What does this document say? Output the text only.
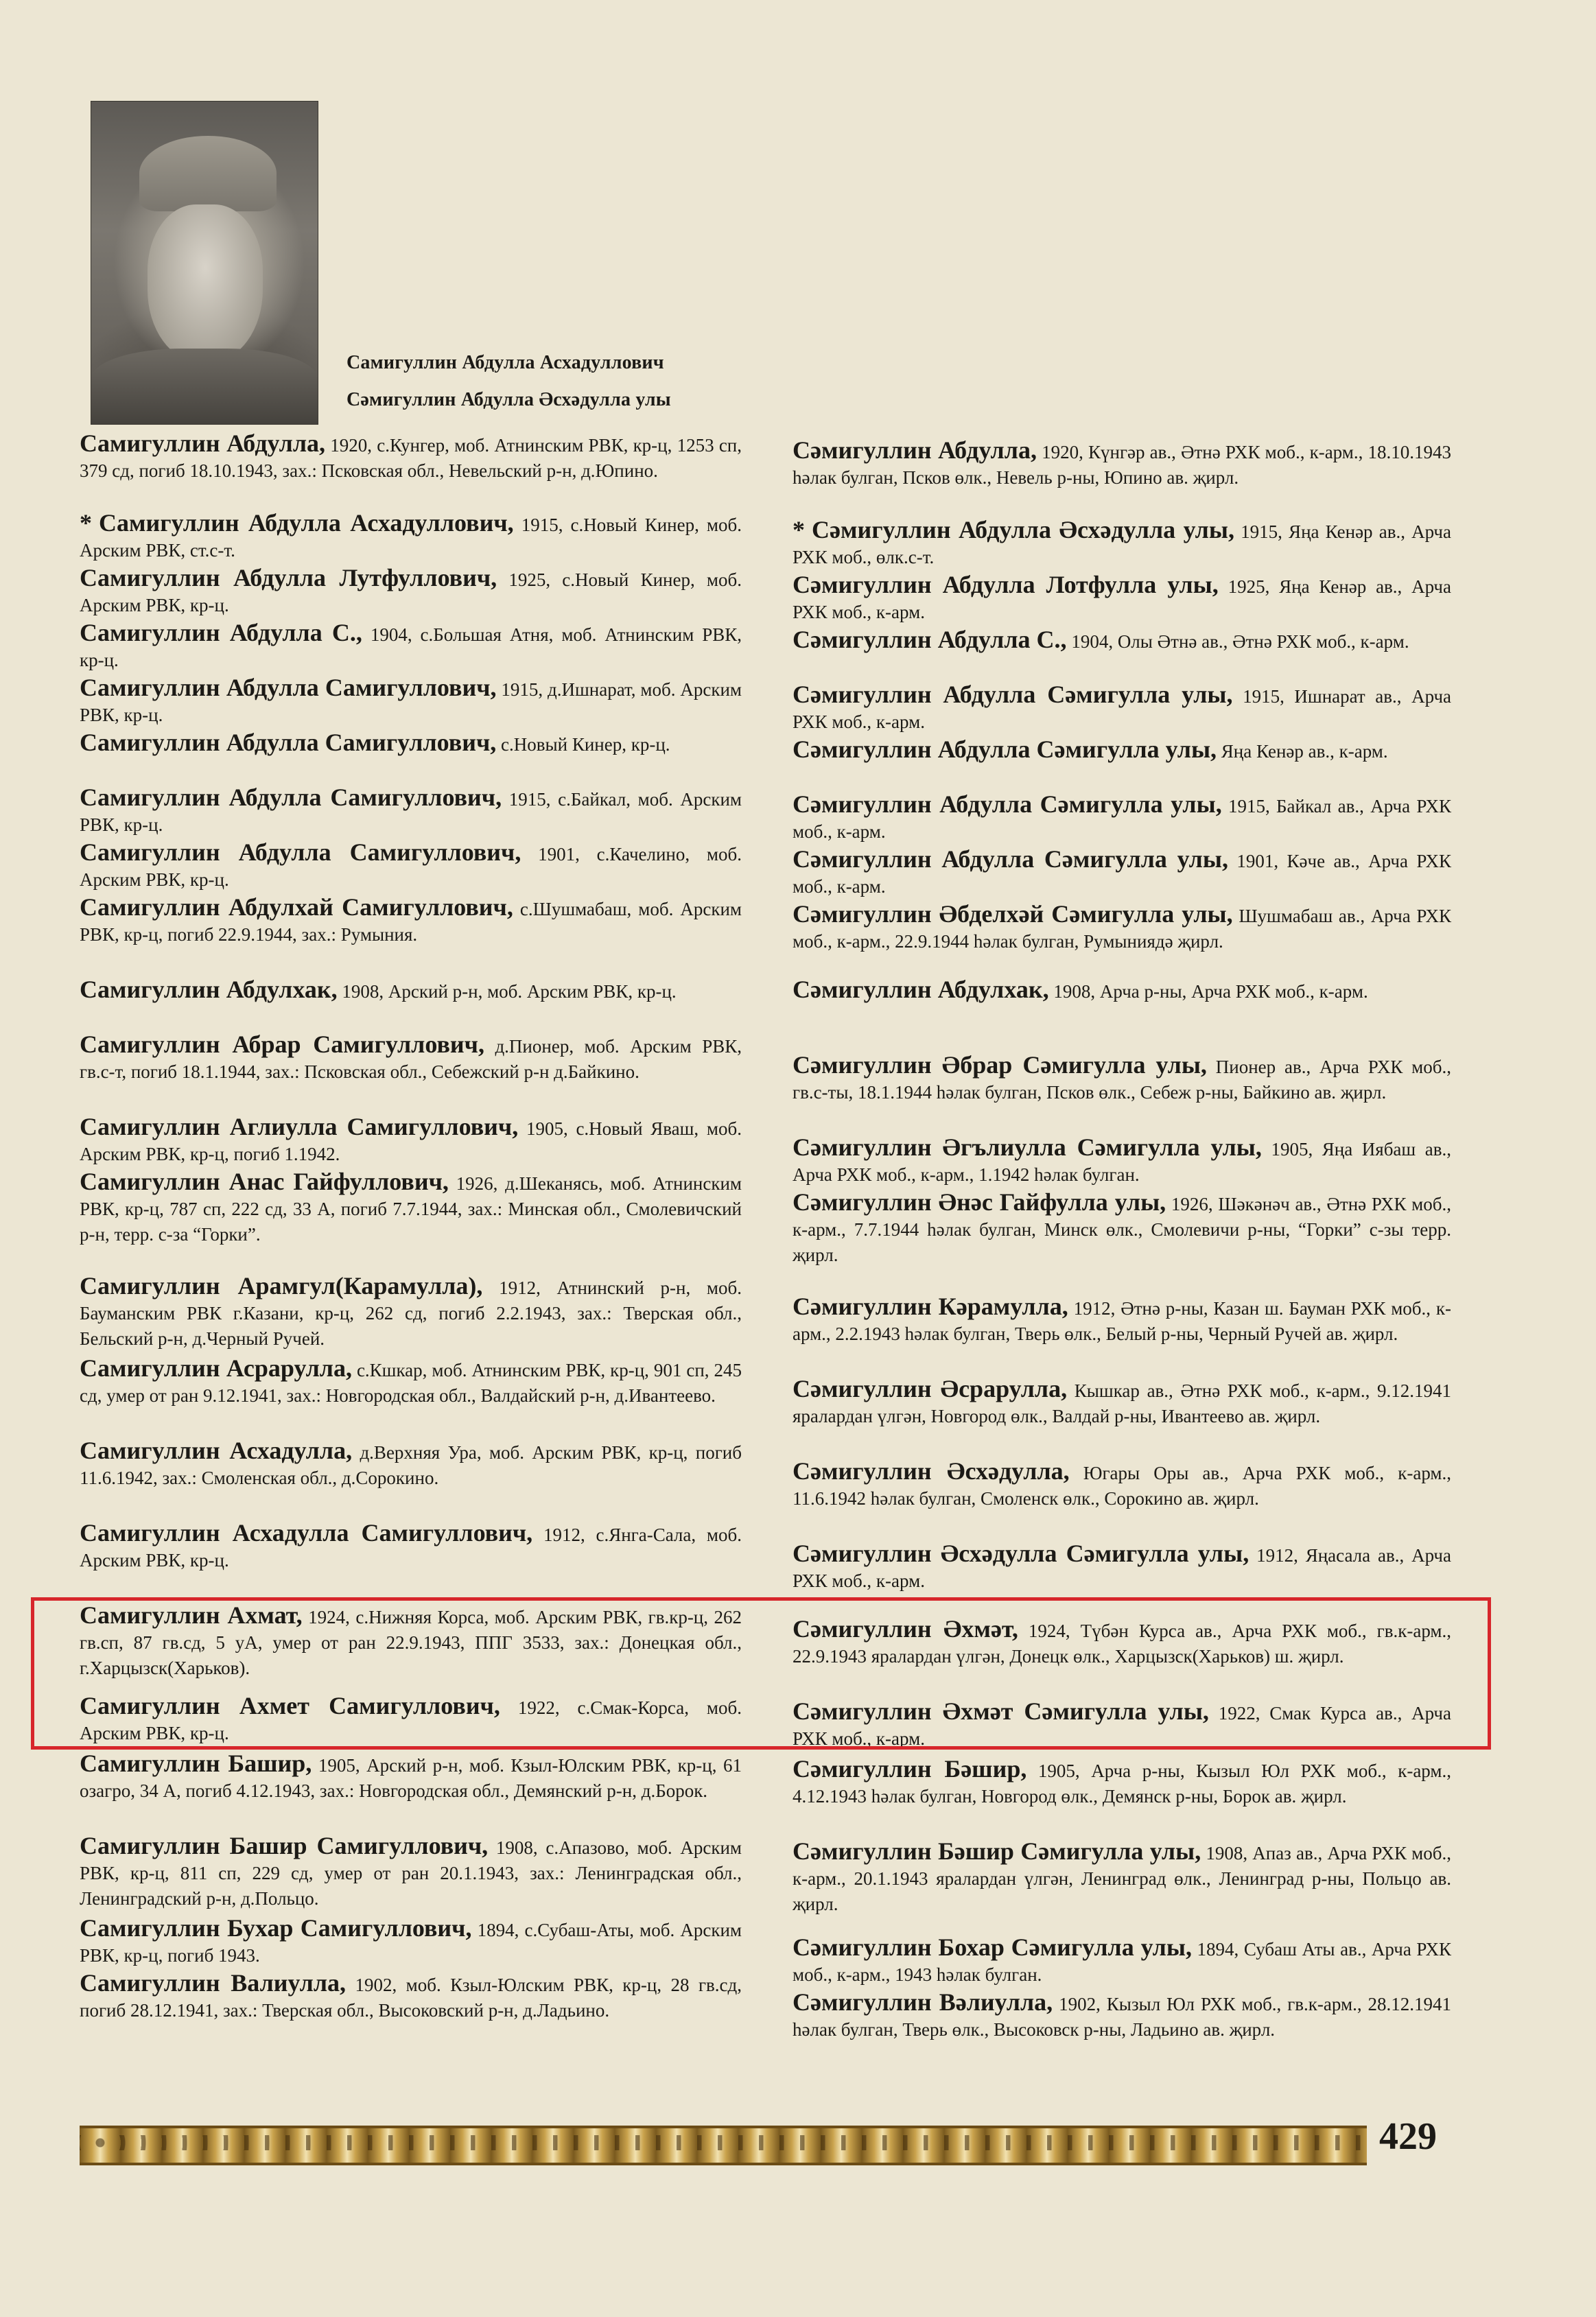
Самигуллин Абдулла Асхадуллович
Сәмигуллин Абдулла Әсхәдулла улы
Самигуллин Абдулла, 1920, с.Кунгер, моб. Атнинским РВК, кр-ц, 1253 сп, 379 сд, погиб 18.10.1943, зах.: Псковская обл., Невельский р-н, д.Юпино.
* Самигуллин Абдулла Асхадуллович, 1915, с.Новый Кинер, моб. Арским РВК, ст.с-т.
Самигуллин Абдулла Лутфуллович, 1925, с.Новый Кинер, моб. Арским РВК, кр-ц.
Самигуллин Абдулла С., 1904, с.Большая Атня, моб. Атнинским РВК, кр-ц.
Самигуллин Абдулла Самигуллович, 1915, д.Ишнарат, моб. Арским РВК, кр-ц.
Самигуллин Абдулла Самигуллович, с.Новый Кинер, кр-ц.
Самигуллин Абдулла Самигуллович, 1915, с.Байкал, моб. Арским РВК, кр-ц.
Самигуллин Абдулла Самигуллович, 1901, с.Качелино, моб. Арским РВК, кр-ц.
Самигуллин Абдулхай Самигуллович, с.Шушмабаш, моб. Арским РВК, кр-ц, погиб 22.9.1944, зах.: Румыния.
Самигуллин Абдулхак, 1908, Арский р-н, моб. Арским РВК, кр-ц.
Самигуллин Абрар Самигуллович, д.Пионер, моб. Арским РВК, гв.с-т, погиб 18.1.1944, зах.: Псковская обл., Себежский р-н д.Байкино.
Самигуллин Аглиулла Самигуллович, 1905, с.Новый Яваш, моб. Арским РВК, кр-ц, погиб 1.1942.
Самигуллин Анас Гайфуллович, 1926, д.Шеканясь, моб. Атнинским РВК, кр-ц, 787 сп, 222 сд, 33 А, погиб 7.7.1944, зах.: Минская обл., Смолевичский р-н, терр. с-за “Горки”.
Самигуллин Арамгул(Карамулла), 1912, Атнинский р-н, моб. Бауманским РВК г.Казани, кр-ц, 262 сд, погиб 2.2.1943, зах.: Тверская обл., Бельский р-н, д.Черный Ручей.
Самигуллин Асрарулла, с.Кшкар, моб. Атнинским РВК, кр-ц, 901 сп, 245 сд, умер от ран 9.12.1941, зах.: Новгородская обл., Валдайский р-н, д.Ивантеево.
Самигуллин Асхадулла, д.Верхняя Ура, моб. Арским РВК, кр-ц, погиб 11.6.1942, зах.: Смоленская обл., д.Сорокино.
Самигуллин Асхадулла Самигуллович, 1912, с.Янга-Сала, моб. Арским РВК, кр-ц.
Самигуллин Ахмат, 1924, с.Нижняя Корса, моб. Арским РВК, гв.кр-ц, 262 гв.сп, 87 гв.сд, 5 уА, умер от ран 22.9.1943, ППГ 3533, зах.: Донецкая обл., г.Харцызск(Харьков).
Самигуллин Ахмет Самигуллович, 1922, с.Смак-Корса, моб. Арским РВК, кр-ц.
Самигуллин Башир, 1905, Арский р-н, моб. Кзыл-Юлским РВК, кр-ц, 61 озагро, 34 А, погиб 4.12.1943, зах.: Новгородская обл., Демянский р-н, д.Борок.
Самигуллин Башир Самигуллович, 1908, с.Апазово, моб. Арским РВК, кр-ц, 811 сп, 229 сд, умер от ран 20.1.1943, зах.: Ленинградская обл., Ленинградский р-н, д.Польцо.
Самигуллин Бухар Самигуллович, 1894, с.Субаш-Аты, моб. Арским РВК, кр-ц, погиб 1943.
Самигуллин Валиулла, 1902, моб. Кзыл-Юлским РВК, кр-ц, 28 гв.сд, погиб 28.12.1941, зах.: Тверская обл., Высоковский р-н, д.Ладьино.
Сәмигуллин Абдулла, 1920, Күнгәр ав., Әтнә РХК моб., к-арм., 18.10.1943 һәлак булган, Псков өлк., Невель р-ны, Юпино ав. җирл.
* Сәмигуллин Абдулла Әсхәдулла улы, 1915, Яңа Кенәр ав., Арча РХК моб., өлк.с-т.
Сәмигуллин Абдулла Лотфулла улы, 1925, Яңа Кенәр ав., Арча РХК моб., к-арм.
Сәмигуллин Абдулла С., 1904, Олы Әтнә ав., Әтнә РХК моб., к-арм.
Сәмигуллин Абдулла Сәмигулла улы, 1915, Ишнарат ав., Арча РХК моб., к-арм.
Сәмигуллин Абдулла Сәмигулла улы, Яңа Кенәр ав., к-арм.
Сәмигуллин Абдулла Сәмигулла улы, 1915, Байкал ав., Арча РХК моб., к-арм.
Сәмигуллин Абдулла Сәмигулла улы, 1901, Кәче ав., Арча РХК моб., к-арм.
Сәмигуллин Әбделхәй Сәмигулла улы, Шушмабаш ав., Арча РХК моб., к-арм., 22.9.1944 һәлак булган, Румыниядә җирл.
Сәмигуллин Абдулхак, 1908, Арча р-ны, Арча РХК моб., к-арм.
Сәмигуллин Әбрар Сәмигулла улы, Пионер ав., Арча РХК моб., гв.с-ты, 18.1.1944 һәлак булган, Псков өлк., Себеж р-ны, Байкино ав. җирл.
Сәмигуллин Әгълиулла Сәмигулла улы, 1905, Яңа Иябаш ав., Арча РХК моб., к-арм., 1.1942 һәлак булган.
Сәмигуллин Әнәс Гайфулла улы, 1926, Шәкәнәч ав., Әтнә РХК моб., к-арм., 7.7.1944 һәлак булган, Минск өлк., Смолевичи р-ны, “Горки” с-зы терр. җирл.
Сәмигуллин Кәрамулла, 1912, Әтнә р-ны, Казан ш. Бауман РХК моб., к-арм., 2.2.1943 һәлак булган, Тверь өлк., Белый р-ны, Черный Ручей ав. җирл.
Сәмигуллин Әсрарулла, Кышкар ав., Әтнә РХК моб., к-арм., 9.12.1941 яралардан үлгән, Новгород өлк., Валдай р-ны, Ивантеево ав. җирл.
Сәмигуллин Әсхәдулла, Югары Оры ав., Арча РХК моб., к-арм., 11.6.1942 һәлак булган, Смоленск өлк., Сорокино ав. җирл.
Сәмигуллин Әсхәдулла Сәмигулла улы, 1912, Яңасала ав., Арча РХК моб., к-арм.
Сәмигуллин Әхмәт, 1924, Түбән Курса ав., Арча РХК моб., гв.к-арм., 22.9.1943 яралардан үлгән, Донецк өлк., Харцызск(Харьков) ш. җирл.
Сәмигуллин Әхмәт Сәмигулла улы, 1922, Смак Курса ав., Арча РХК моб., к-арм.
Сәмигуллин Бәшир, 1905, Арча р-ны, Кызыл Юл РХК моб., к-арм., 4.12.1943 һәлак булган, Новгород өлк., Демянск р-ны, Борок ав. җирл.
Сәмигуллин Бәшир Сәмигулла улы, 1908, Апаз ав., Арча РХК моб., к-арм., 20.1.1943 яралардан үлгән, Ленинград өлк., Ленинград р-ны, Польцо ав. җирл.
Сәмигуллин Бохар Сәмигулла улы, 1894, Субаш Аты ав., Арча РХК моб., к-арм., 1943 һәлак булган.
Сәмигуллин Вәлиулла, 1902, Кызыл Юл РХК моб., гв.к-арм., 28.12.1941 һәлак булган, Тверь өлк., Высоковск р-ны, Ладьино ав. җирл.
429
